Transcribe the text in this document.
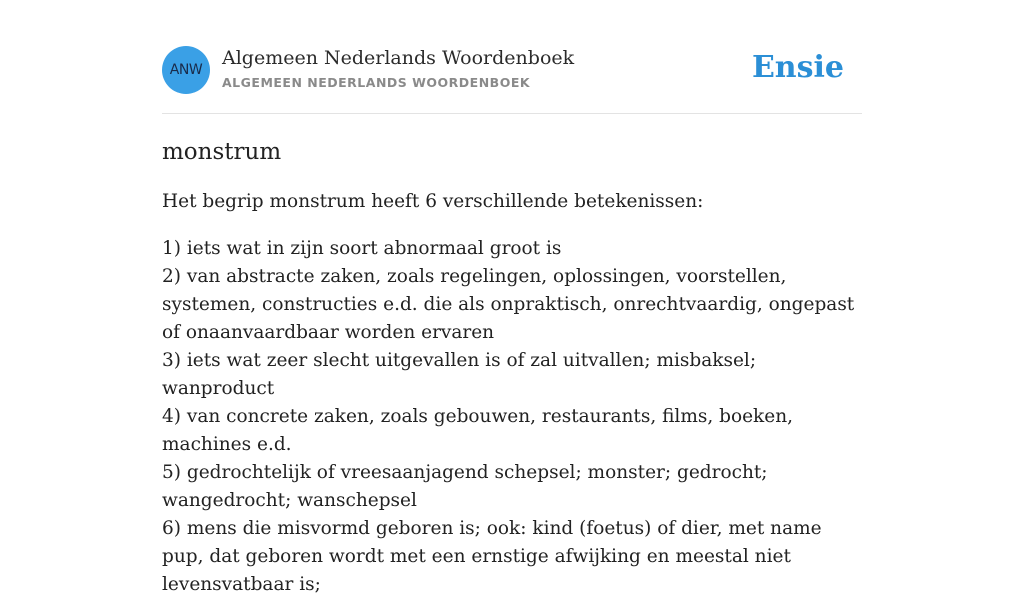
ANW
Algemeen Nederlands Woordenboek
ALGEMEEN NEDERLANDS WOORDENBOEK	Ensie
monstrum

Het begrip monstrum heeft 6 verschillende betekenissen:

1) iets wat in zijn soort abnormaal groot is
2) van abstracte zaken, zoals regelingen, oplossingen, voorstellen, systemen, constructies e.d. die als onpraktisch, onrechtvaardig, ongepast of onaanvaardbaar worden ervaren
3) iets wat zeer slecht uitgevallen is of zal uitvallen; misbaksel; wanproduct
4) van concrete zaken, zoals gebouwen, restaurants, films, boeken, machines e.d.
5) gedrochtelijk of vreesaanjagend schepsel; monster; gedrocht; wangedrocht; wanschepsel
6) mens die misvormd geboren is; ook: kind (foetus) of dier, met name pup, dat geboren wordt met een ernstige afwijking en meestal niet levensvatbaar is;
